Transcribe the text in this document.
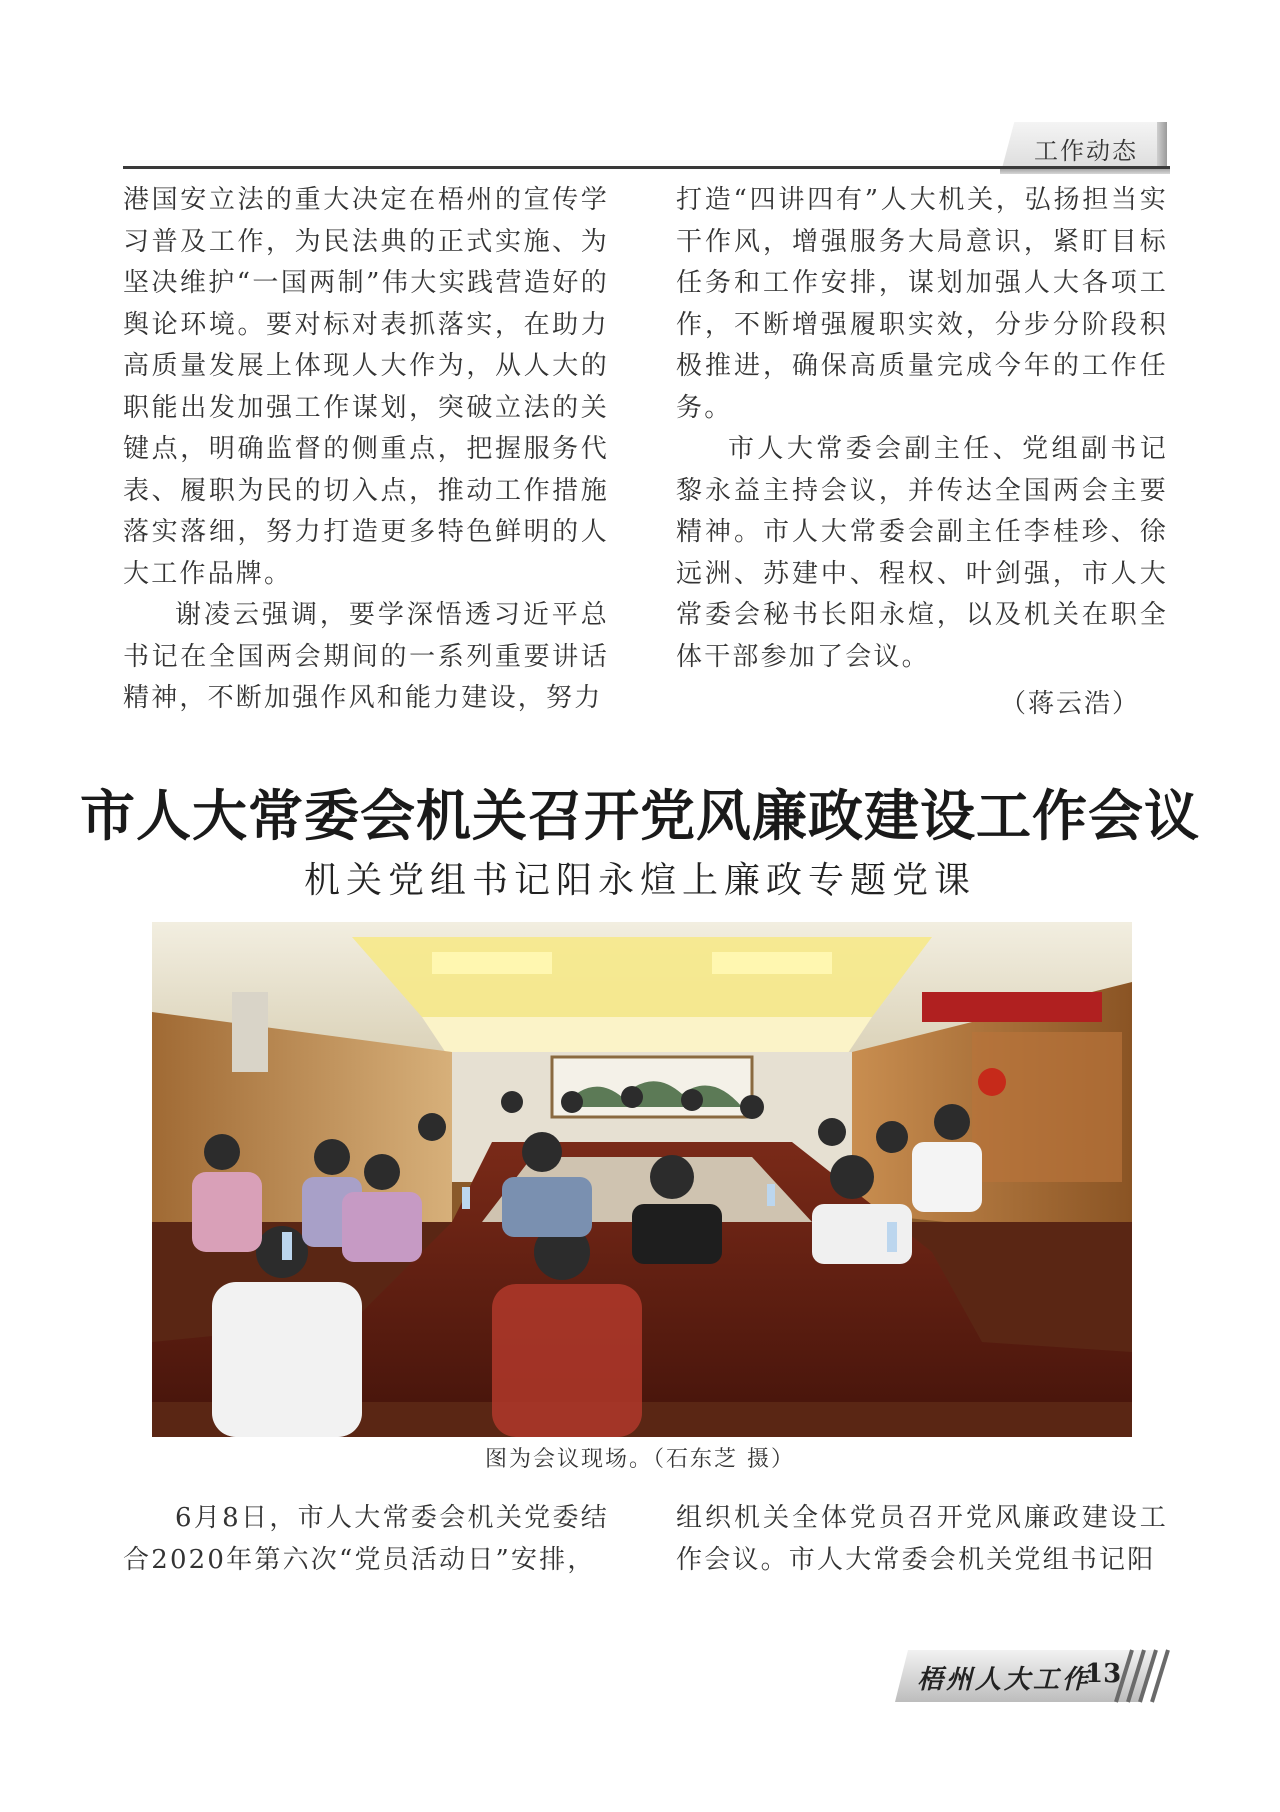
工作动态

港国安立法的重大决定在梧州的宣传学习普及工作，为民法典的正式实施、为坚决维护“一国两制”伟大实践营造好的舆论环境。要对标对表抓落实，在助力高质量发展上体现人大作为，从人大的职能出发加强工作谋划，突破立法的关键点，明确监督的侧重点，把握服务代表、履职为民的切入点，推动工作措施落实落细，努力打造更多特色鲜明的人大工作品牌。

谢凌云强调，要学深悟透习近平总书记在全国两会期间的一系列重要讲话精神，不断加强作风和能力建设，努力

打造“四讲四有”人大机关，弘扬担当实干作风，增强服务大局意识，紧盯目标任务和工作安排，谋划加强人大各项工作，不断增强履职实效，分步分阶段积极推进，确保高质量完成今年的工作任务。

市人大常委会副主任、党组副书记黎永益主持会议，并传达全国两会主要精神。市人大常委会副主任李桂珍、徐远洲、苏建中、程权、叶剑强，市人大常委会秘书长阳永煊，以及机关在职全体干部参加了会议。

（蒋云浩）
市人大常委会机关召开党风廉政建设工作会议
机关党组书记阳永煊上廉政专题党课
图为会议现场。（石东芝 摄）

6月8日，市人大常委会机关党委结合2020年第六次“党员活动日”安排，

组织机关全体党员召开党风廉政建设工作会议。市人大常委会机关党组书记阳

梧州人大工作
13
